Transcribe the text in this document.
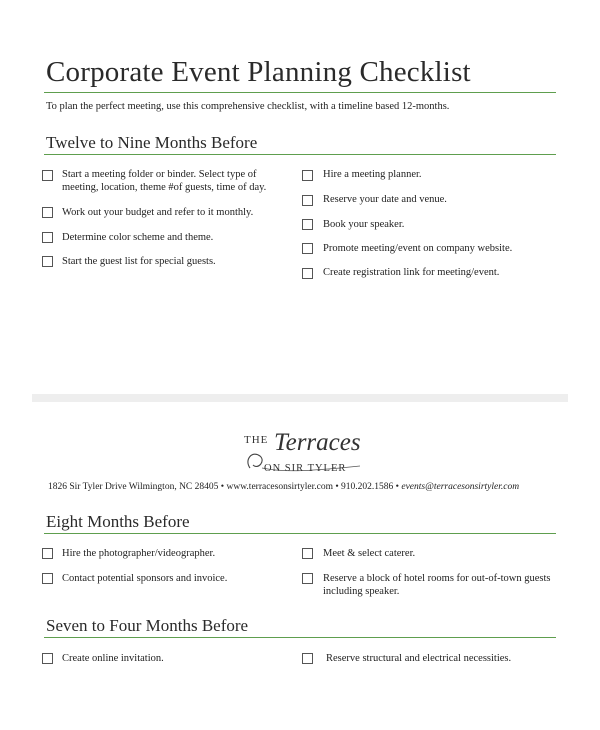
Corporate Event Planning Checklist
To plan the perfect meeting, use this comprehensive checklist, with a timeline based 12-months.
Twelve to Nine Months Before
Start a meeting folder or binder. Select type of meeting, location, theme #of guests, time of day.
Work out your budget and refer to it monthly.
Determine color scheme and theme.
Start the guest list for special guests.
Hire a meeting planner.
Reserve your date and venue.
Book your speaker.
Promote meeting/event on company website.
Create registration link for meeting/event.
THE Terraces
ON SIR TYLER
1826 Sir Tyler Drive Wilmington, NC 28405 • www.terracesonsirtyler.com • 910.202.1586 • events@terracesonsirtyler.com
Eight Months Before
Hire the photographer/videographer.
Contact potential sponsors and invoice.
Meet & select caterer.
Reserve a block of hotel rooms for out-of-town guests including speaker.
Seven to Four Months Before
Create online invitation.	Reserve structural and electrical necessities.
